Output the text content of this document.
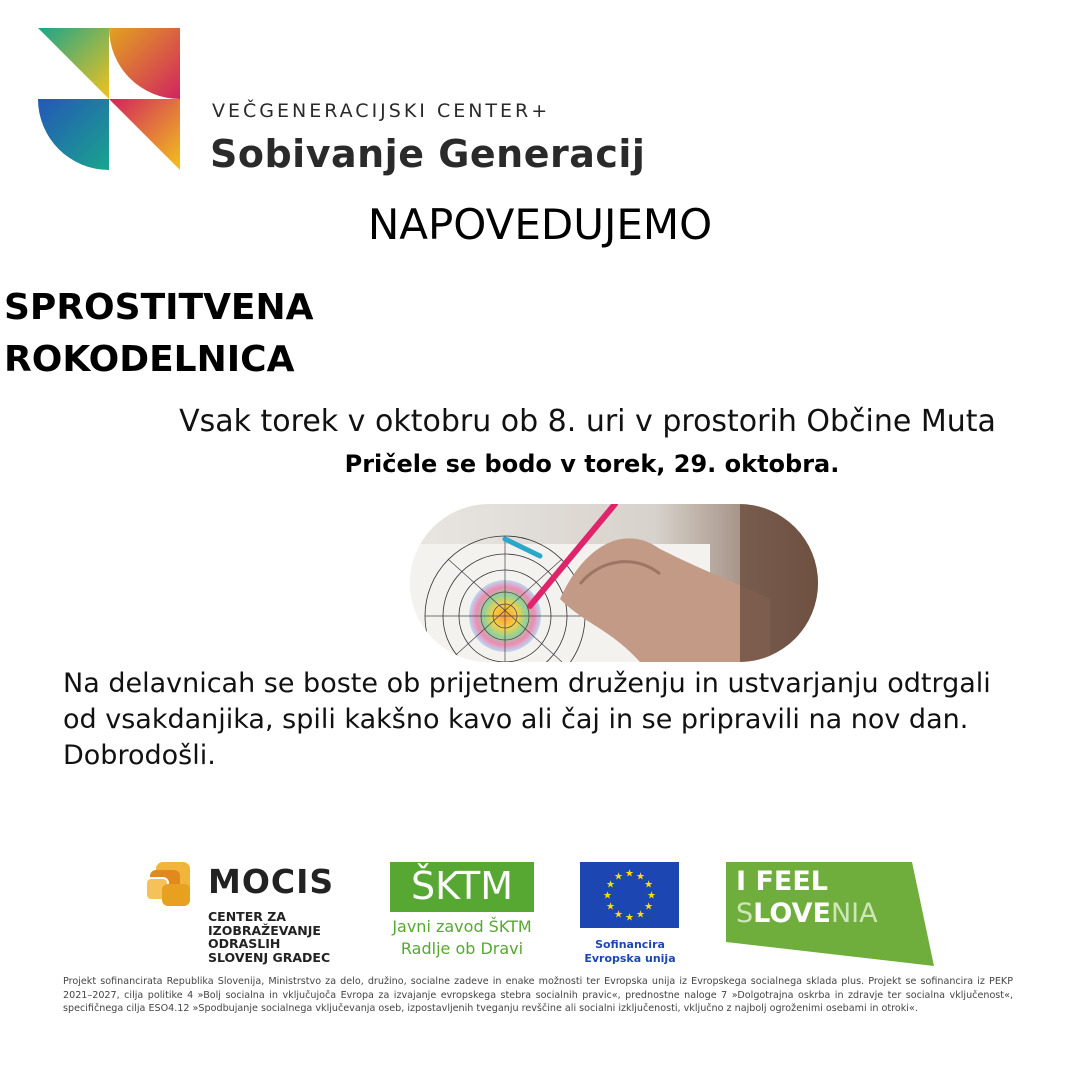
VEČGENERACIJSKI CENTER+
Sobivanje Generacij
NAPOVEDUJEMO
SPROSTITVENA
ROKODELNICA
Vsak torek v oktobru ob 8. uri v prostorih Občine Muta
Pričele se bodo v torek, 29. oktobra.
Na delavnicah se boste ob prijetnem druženju in ustvarjanju odtrgali od vsakdanjika, spili kakšno kavo ali čaj in se pripravili na nov dan. Dobrodošli.
MOCIS
CENTER ZA
IZOBRAŽEVANJE
ODRASLIH
SLOVENJ GRADEC
ŠKTM
Javni zavod ŠKTM
Radlje ob Dravi
★ ★
★
★
★
★
★
★
★
★
★
★
Sofinancira
Evropska unija
I FEEL
SLOVENIA
Projekt sofinancirata Republika Slovenija, Ministrstvo za delo, družino, socialne zadeve in enake možnosti ter Evropska unija iz Evropskega socialnega sklada plus. Projekt se sofinancira iz PEKP 2021–2027, cilja politike 4 »Bolj socialna in vključujoča Evropa za izvajanje evropskega stebra socialnih pravic«, prednostne naloge 7 »Dolgotrajna oskrba in zdravje ter socialna vključenost«, specifičnega cilja ESO4.12 »Spodbujanje socialnega vključevanja oseb, izpostavljenih tveganju revščine ali socialni izključenosti, vključno z najbolj ogroženimi osebami in otroki«.
